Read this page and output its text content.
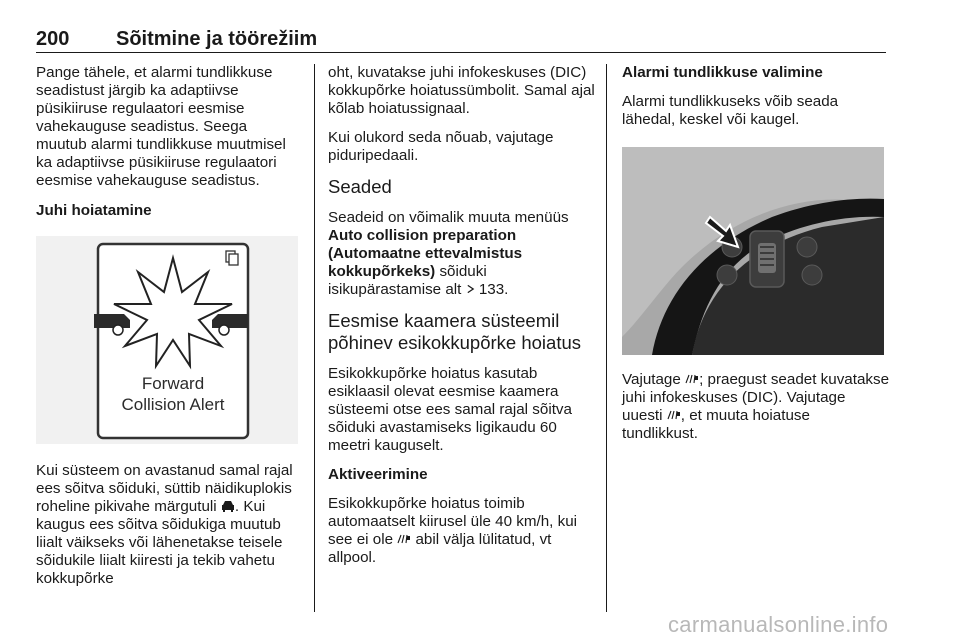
200 Sõitmine ja töörežiim

Pange tähele, et alarmi tundlikkuse seadistust järgib ka adaptiivse püsikiiruse regulaatori eesmise vahekauguse seadistus. Seega muutub alarmi tundlikkuse muutmisel ka adaptiivse püsikiiruse regulaatori eesmise vahekauguse seadistus.

Juhi hoiatamine

Forward
Collision Alert

Kui süsteem on avastanud samal rajal ees sõitva sõiduki, süttib näidikuplokis roheline pikivahe märgutuli . Kui kaugus ees sõitva sõidukiga muutub liialt väikseks või lähenetakse teisele sõidukile liialt kiiresti ja tekib vahetu kokkupõrke

oht, kuvatakse juhi infokeskuses (DIC) kokkupõrke hoiatussümbolit. Samal ajal kõlab hoiatussignaal.

Kui olukord seda nõuab, vajutage piduripedaali.

Seaded

Seadeid on võimalik muuta menüüs Auto collision preparation (Automaatne ettevalmistus kokkupõrkeks) sõiduki isikupärastamise alt 133.

Eesmise kaamera süsteemil põhinev esikokkupõrke hoiatus

Esikokkupõrke hoiatus kasutab esiklaasil olevat eesmise kaamera süsteemi otse ees samal rajal sõitva sõiduki avastamiseks ligikaudu 60 meetri kauguselt.

Aktiveerimine

Esikokkupõrke hoiatus toimib automaatselt kiirusel üle 40 km/h, kui see ei ole abil välja lülitatud, vt allpool.

Alarmi tundlikkuse valimine

Alarmi tundlikkuseks võib seada lähedal, keskel või kaugel.

Vajutage ; praegust seadet kuvatakse juhi infokeskuses (DIC). Vajutage uuesti , et muuta hoiatuse tundlikkust.

carmanualsonline.info
